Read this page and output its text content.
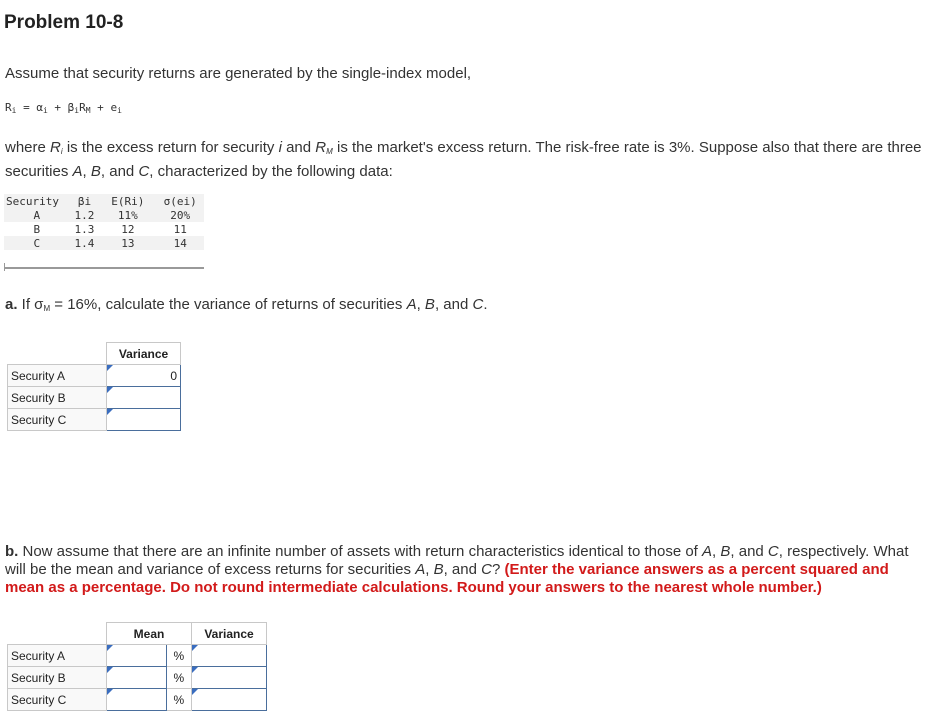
Problem 10-8
Assume that security returns are generated by the single-index model,
$R_i = \alpha_i + \beta_iR_M + e_i$
where $R_i$ is the excess return for security i and $R_M$ is the market's excess return. The risk-free rate is 3%. Suppose also that there are three securities A, B, and C, characterized by the following data:
Security	βi	E(Ri)	σ(ei)
A	1.2	11%	20%
B	1.3	12	11
C	1.4	13	14
a. If $\sigma_M = 16\%$, calculate the variance of returns of securities A, B, and C.
	Variance
Security A	0
Security B	
Security C	
b. Now assume that there are an infinite number of assets with return characteristics identical to those of A, B, and C, respectively. What will be the mean and variance of excess returns for securities A, B, and C? (Enter the variance answers as a percent squared and mean as a percentage. Do not round intermediate calculations. Round your answers to the nearest whole number.)
	Mean		Variance
Security A		%	
Security B		%	
Security C		%	
